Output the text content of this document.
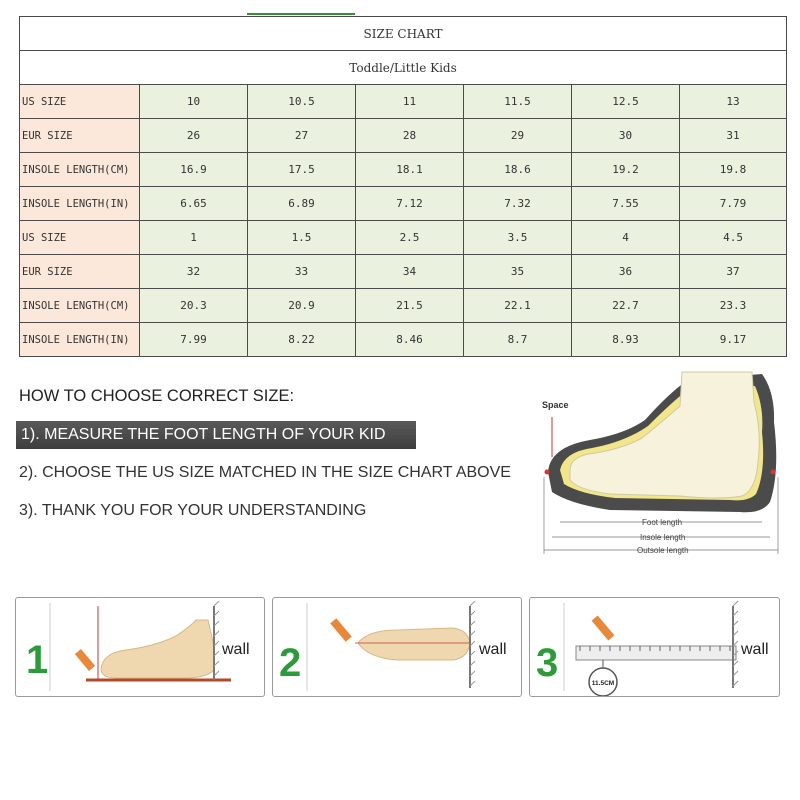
SIZE CHART						
Toddle/Little Kids						
US SIZE	10	10.5	11	11.5	12.5	13
EUR SIZE	26	27	28	29	30	31
INSOLE LENGTH(CM)	16.9	17.5	18.1	18.6	19.2	19.8
INSOLE LENGTH(IN)	6.65	6.89	7.12	7.32	7.55	7.79
US SIZE	1	1.5	2.5	3.5	4	4.5
EUR SIZE	32	33	34	35	36	37
INSOLE LENGTH(CM)	20.3	20.9	21.5	22.1	22.7	23.3
INSOLE LENGTH(IN)	7.99	8.22	8.46	8.7	8.93	9.17
HOW TO CHOOSE CORRECT SIZE:
1). MEASURE THE FOOT LENGTH OF YOUR KID
2). CHOOSE THE US SIZE MATCHED IN THE SIZE CHART ABOVE
3). THANK YOU FOR YOUR UNDERSTANDING
Space
Foot length
Insole length
Outsole length
1	wall 2	wall 3	11.5CM
wall
